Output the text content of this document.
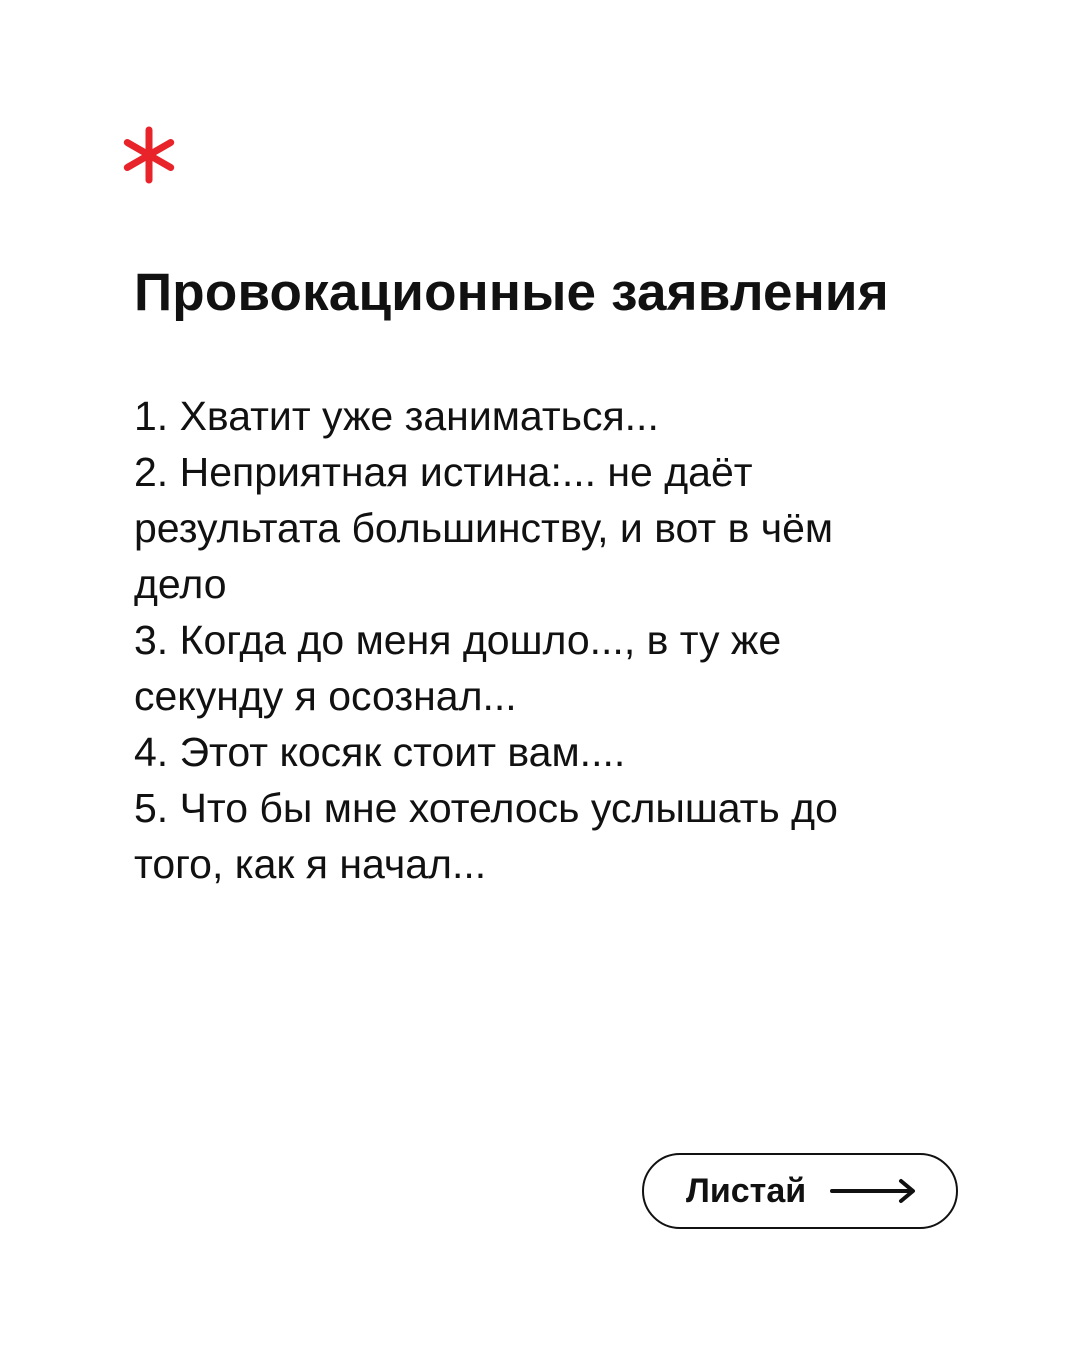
Провокационные заявления

1. Хватит уже заниматься...
2. Неприятная истина:... не даёт
результата большинству, и вот в чём
дело
3. Когда до меня дошло..., в ту же
секунду я осознал...
4. Этот косяк стоит вам....
5. Что бы мне хотелось услышать до
того, как я начал...

Листай
